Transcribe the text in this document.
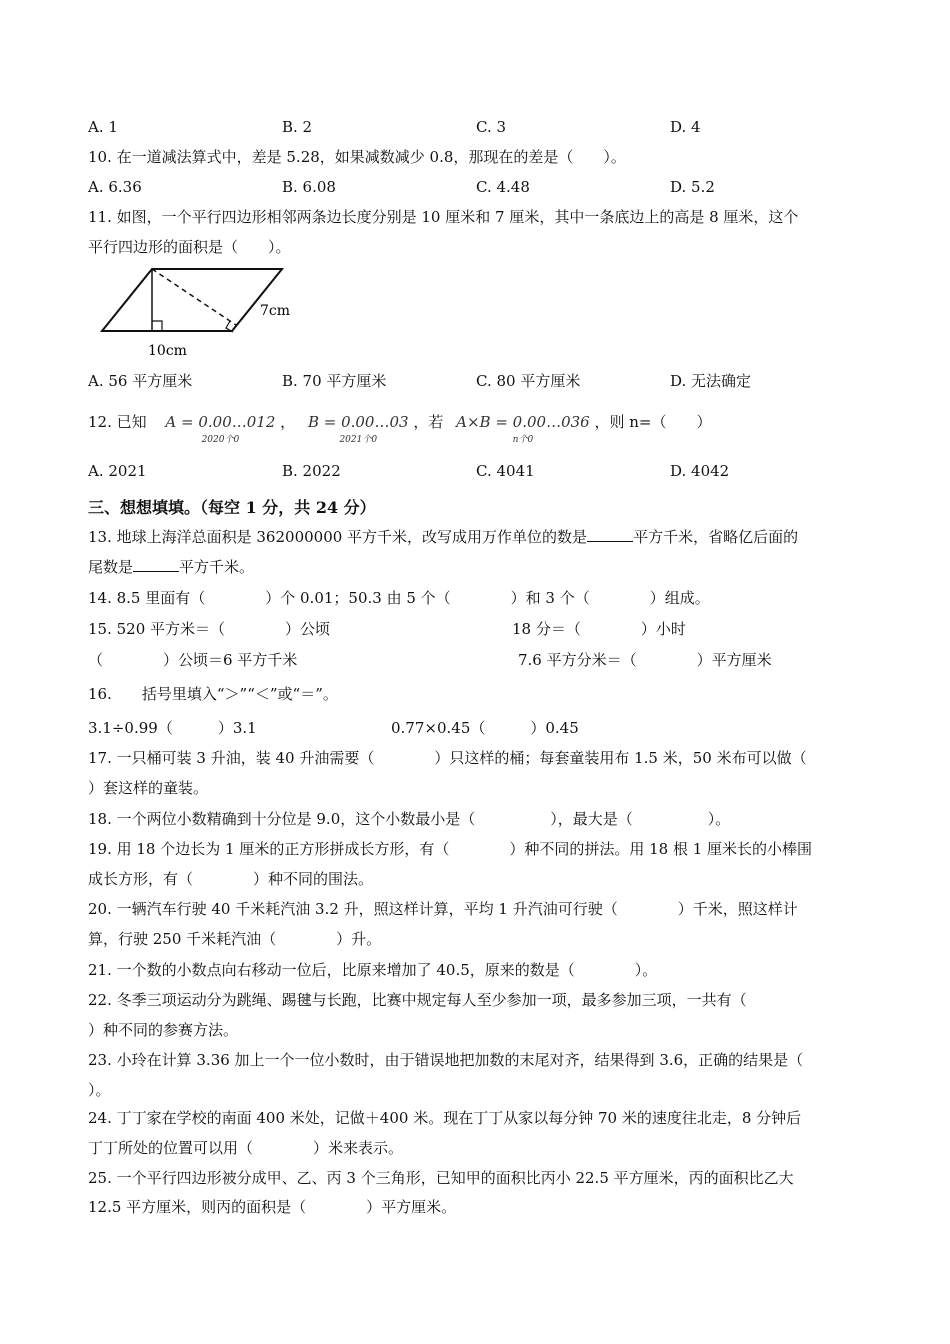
A. 1	B. 2	C. 3	D. 4
10. 在一道减法算式中，差是 5.28，如果减数减少 0.8，那现在的差是（　　）。
A. 6.36	B. 6.08	C. 4.48	D. 5.2
11. 如图，一个平行四边形相邻两条边长度分别是 10 厘米和 7 厘米，其中一条底边上的高是 8 厘米，这个
平行四边形的面积是（　　）。
7cm
10cm
A. 56 平方厘米	B. 70 平方厘米	C. 80 平方厘米	D. 无法确定
12. 已知 A = 0.00…012
2020个0
， B = 0.00…03
2021个0
，若 A×B = 0.00…036
n个0
，则 n=（　　）
A. 2021	B. 2022	C. 4041	D. 4042
三、想想填填。（每空 1 分，共 24 分）
13. 地球上海洋总面积是 362000000 平方千米，改写成用万作单位的数是	平方千米，省略亿后面的
尾数是	平方千米。
14. 8.5 里面有（　　　　）个 0.01；50.3 由 5 个（　　　　）和 3 个（　　　　）组成。
15. 520 平方米＝（　　　　）公顷	18 分＝（　　　　）小时
（　　　　）公顷＝6 平方千米	7.6 平方分米＝（　　　　）平方厘米
16.　　括号里填入“＞”“＜”或“＝”。
3.1÷0.99（　　　）3.1	0.77×0.45（　　　）0.45
17. 一只桶可装 3 升油，装 40 升油需要（　　　　）只这样的桶；每套童装用布 1.5 米，50 米布可以做（
）套这样的童装。
18. 一个两位小数精确到十分位是 9.0，这个小数最小是（　　　　　），最大是（　　　　　）。
19. 用 18 个边长为 1 厘米的正方形拼成长方形，有（　　　　）种不同的拼法。用 18 根 1 厘米长的小棒围
成长方形，有（　　　　）种不同的围法。
20. 一辆汽车行驶 40 千米耗汽油 3.2 升，照这样计算，平均 1 升汽油可行驶（　　　　）千米，照这样计
算，行驶 250 千米耗汽油（　　　　）升。
21. 一个数的小数点向右移动一位后，比原来增加了 40.5，原来的数是（　　　　）。
22. 冬季三项运动分为跳绳、踢毽与长跑，比赛中规定每人至少参加一项，最多参加三项，一共有（
）种不同的参赛方法。
23. 小玲在计算 3.36 加上一个一位小数时，由于错误地把加数的末尾对齐，结果得到 3.6，正确的结果是（
）。
24. 丁丁家在学校的南面 400 米处，记做＋400 米。现在丁丁从家以每分钟 70 米的速度往北走，8 分钟后
丁丁所处的位置可以用（　　　　）米来表示。
25. 一个平行四边形被分成甲、乙、丙 3 个三角形，已知甲的面积比丙小 22.5 平方厘米，丙的面积比乙大
12.5 平方厘米，则丙的面积是（　　　　）平方厘米。
